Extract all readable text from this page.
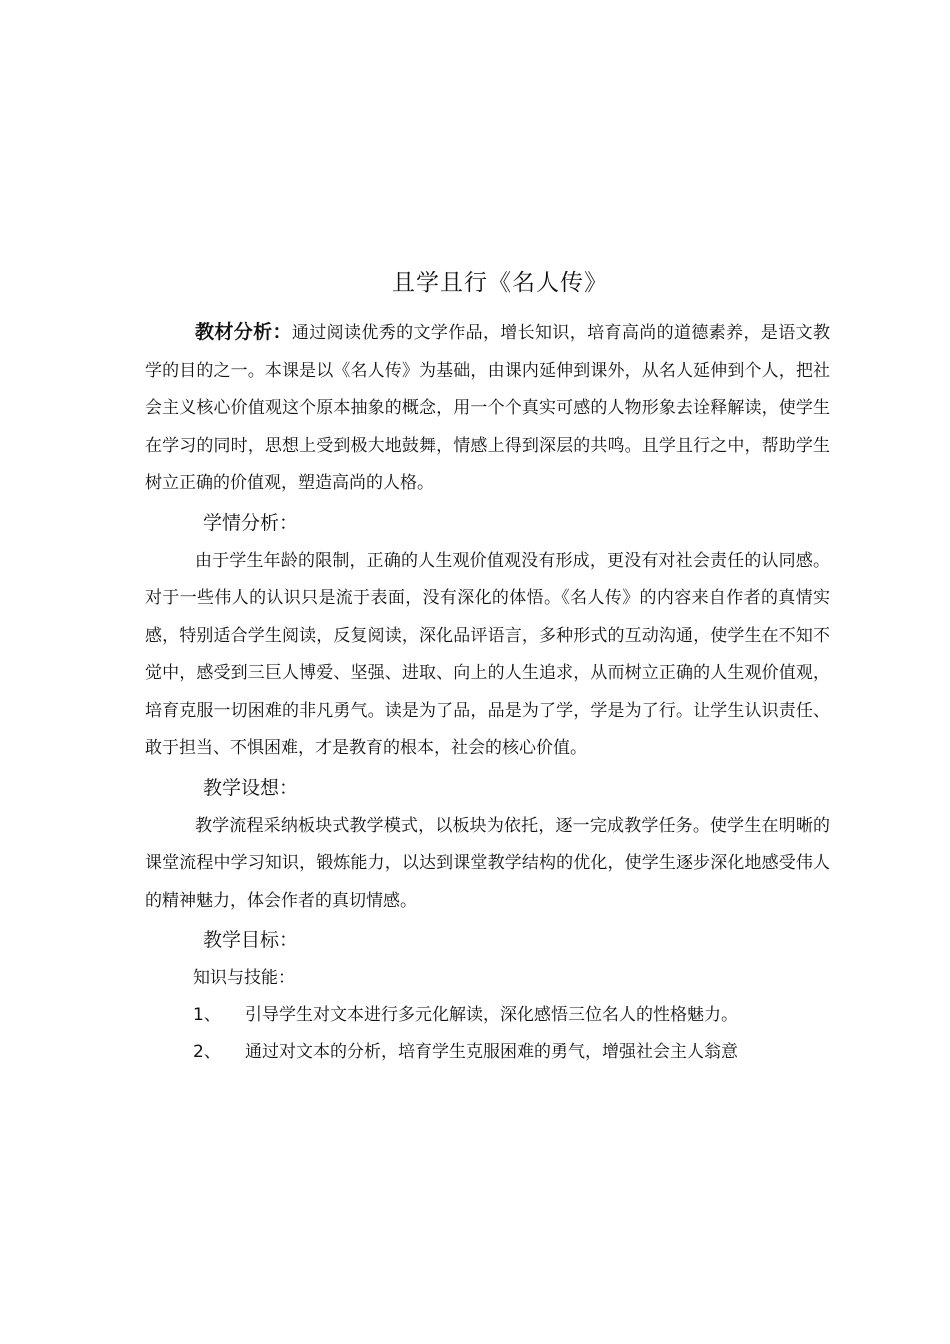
且学且行《名人传》

教材分析：通过阅读优秀的文学作品，增长知识，培育高尚的道德素养，是语文教学的目的之一。本课是以《名人传》为基础，由课内延伸到课外，从名人延伸到个人，把社会主义核心价值观这个原本抽象的概念，用一个个真实可感的人物形象去诠释解读，使学生在学习的同时，思想上受到极大地鼓舞，情感上得到深层的共鸣。且学且行之中，帮助学生树立正确的价值观，塑造高尚的人格。

学情分析：

由于学生年龄的限制，正确的人生观价值观没有形成，更没有对社会责任的认同感。对于一些伟人的认识只是流于表面，没有深化的体悟。《名人传》的内容来自作者的真情实感，特别适合学生阅读，反复阅读，深化品评语言，多种形式的互动沟通，使学生在不知不觉中，感受到三巨人博爱、坚强、进取、向上的人生追求，从而树立正确的人生观价值观，培育克服一切困难的非凡勇气。读是为了品，品是为了学，学是为了行。让学生认识责任、敢于担当、不惧困难，才是教育的根本，社会的核心价值。

教学设想：

教学流程采纳板块式教学模式，以板块为依托，逐一完成教学任务。使学生在明晰的课堂流程中学习知识，锻炼能力，以达到课堂教学结构的优化，使学生逐步深化地感受伟人的精神魅力，体会作者的真切情感。

教学目标：

知识与技能：

1、	引导学生对文本进行多元化解读，深化感悟三位名人的性格魅力。
2、	通过对文本的分析，培育学生克服困难的勇气，增强社会主人翁意
